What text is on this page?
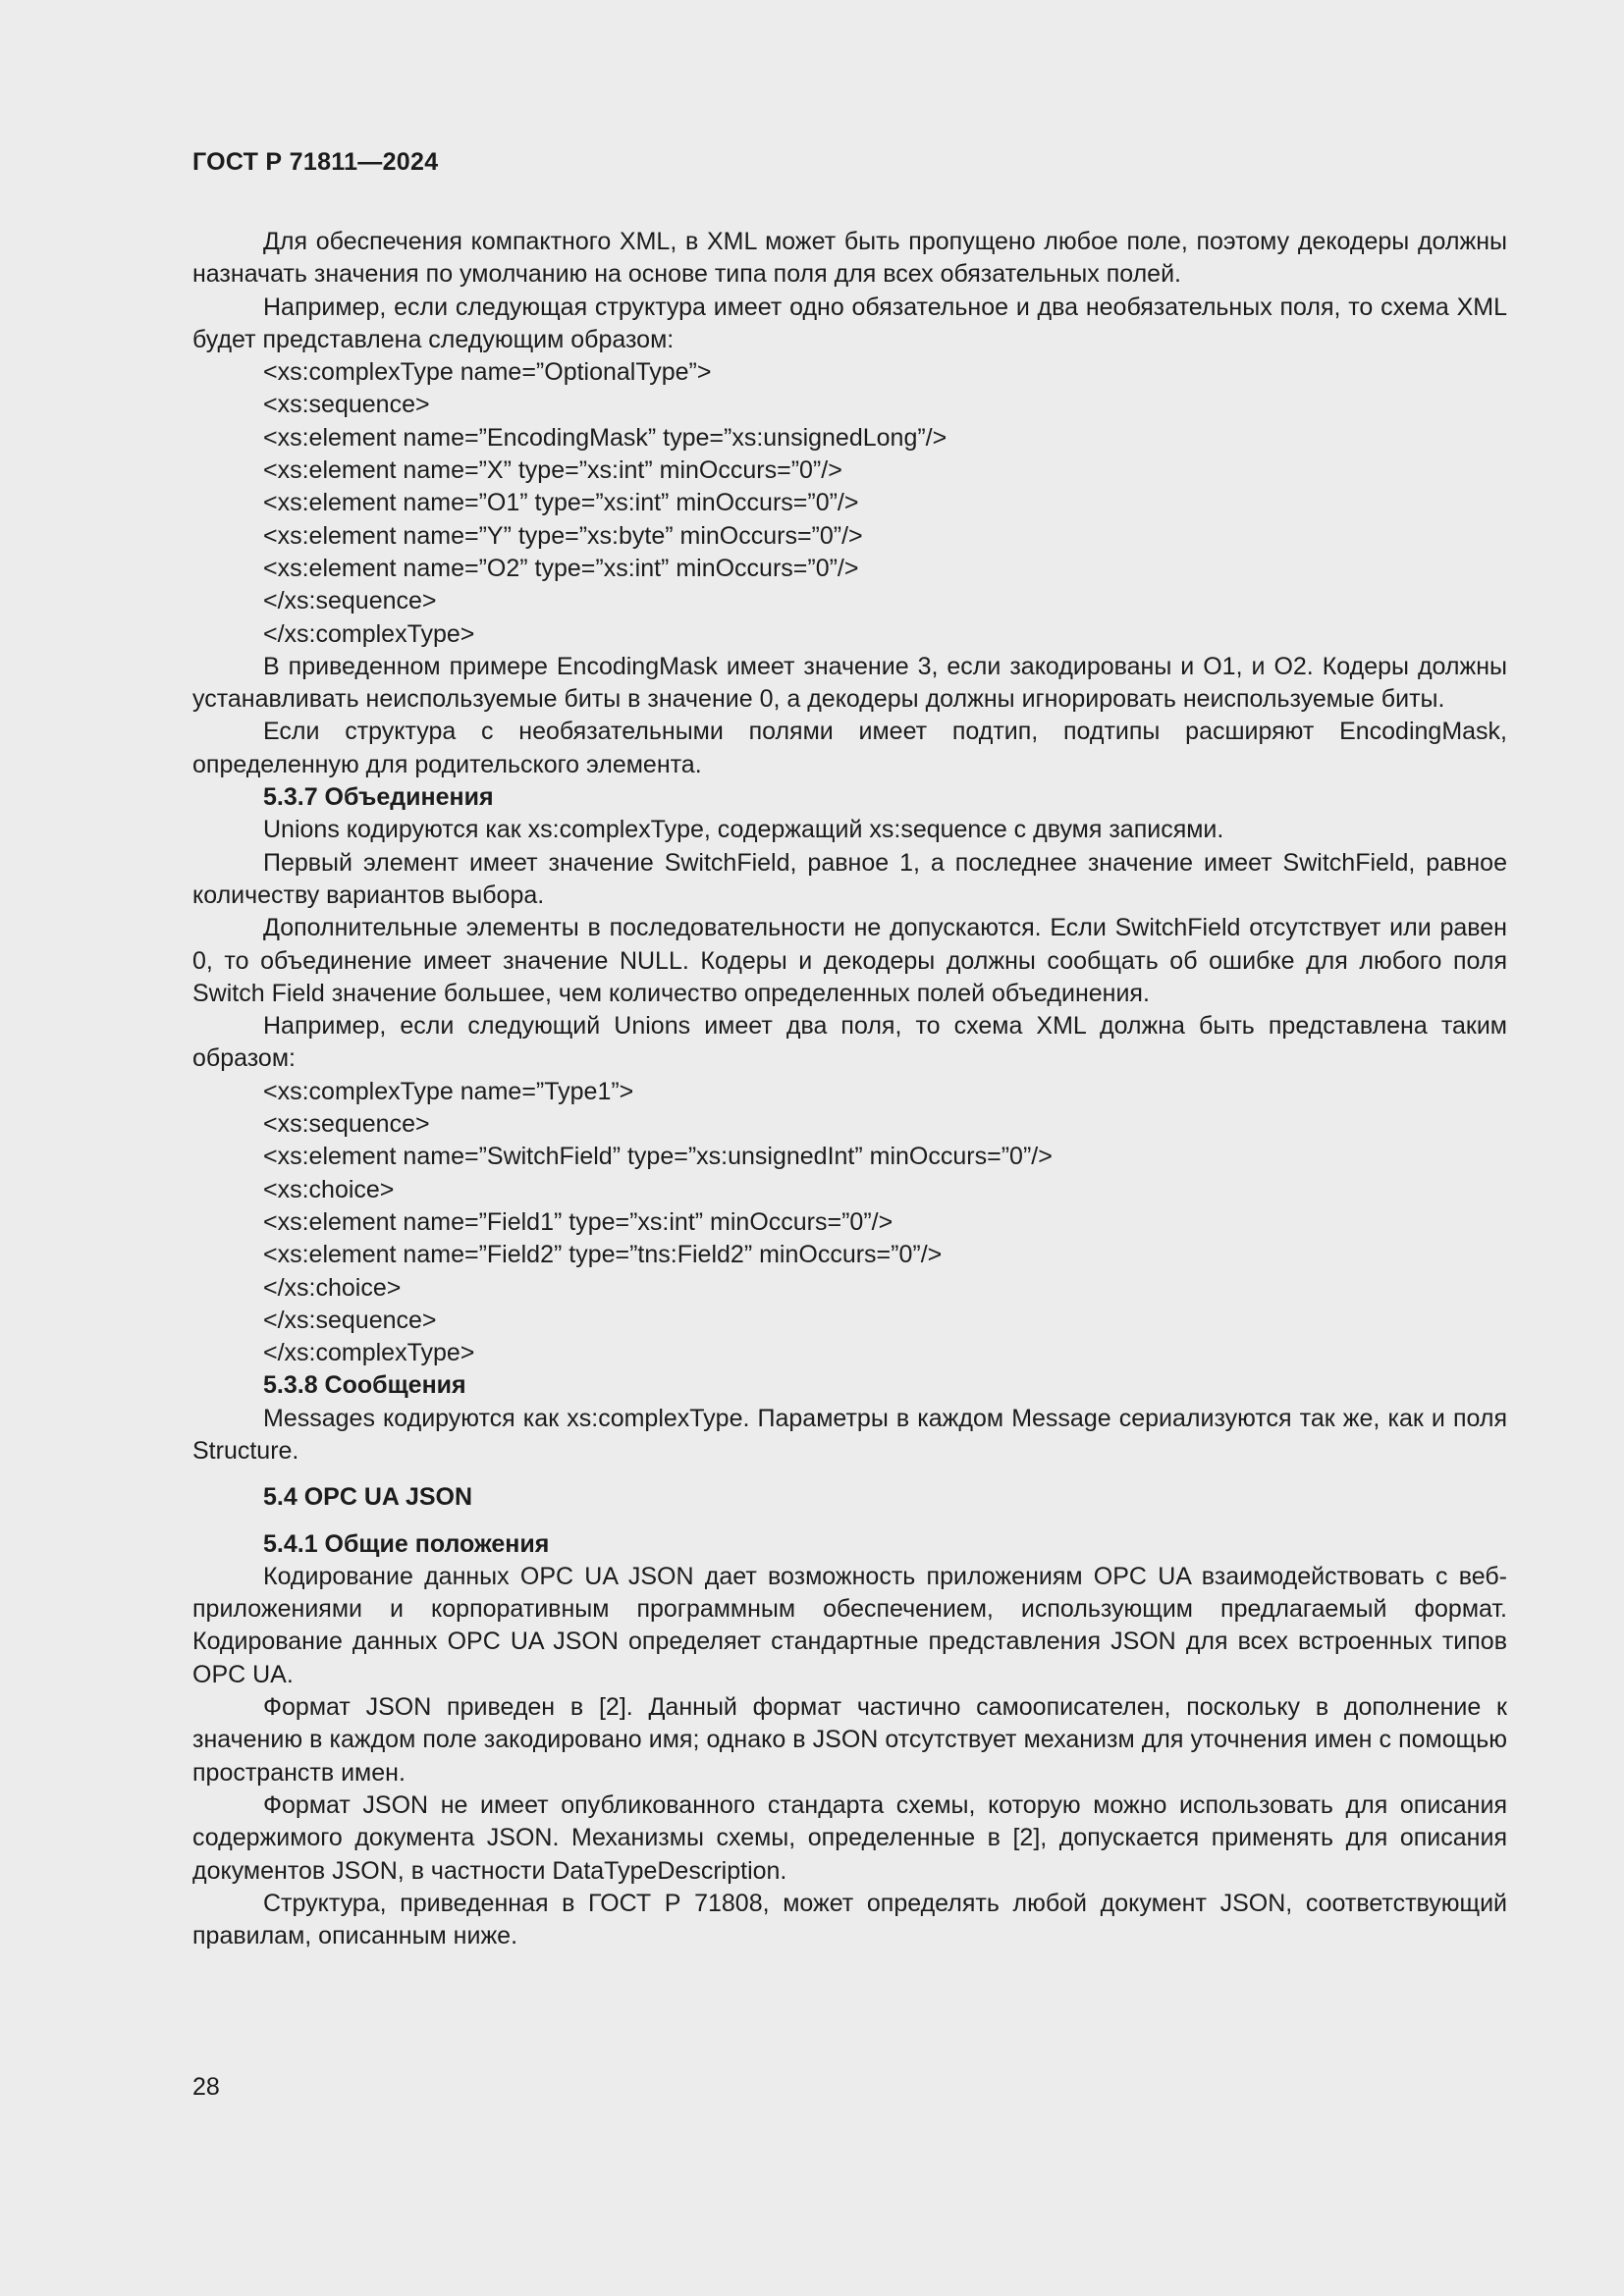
ГОСТ Р 71811—2024
Для обеспечения компактного XML, в XML может быть пропущено любое поле, поэтому декодеры должны назначать значения по умолчанию на основе типа поля для всех обязательных полей.
Например, если следующая структура имеет одно обязательное и два необязательных поля, то схема XML будет представлена следующим образом:
<xs:complexType name=”OptionalType”>
<xs:sequence>
<xs:element name=”EncodingMask” type=”xs:unsignedLong”/>
<xs:element name=”X” type=”xs:int” minOccurs=”0”/>
<xs:element name=”O1” type=”xs:int” minOccurs=”0”/>
<xs:element name=”Y” type=”xs:byte” minOccurs=”0”/>
<xs:element name=”O2” type=”xs:int” minOccurs=”0”/>
</xs:sequence>
</xs:complexType>
В приведенном примере EncodingMask имеет значение 3, если закодированы и O1, и O2. Кодеры должны устанавливать неиспользуемые биты в значение 0, а декодеры должны игнорировать неиспользуемые биты.
Если структура с необязательными полями имеет подтип, подтипы расширяют EncodingMask, определенную для родительского элемента.
5.3.7 Объединения
Unions кодируются как xs:complexType, содержащий xs:sequence с двумя записями.
Первый элемент имеет значение SwitchField, равное 1, а последнее значение имеет SwitchField, равное количеству вариантов выбора.
Дополнительные элементы в последовательности не допускаются. Если SwitchField отсутствует или равен 0, то объединение имеет значение NULL. Кодеры и декодеры должны сообщать об ошибке для любого поля Switch Field значение большее, чем количество определенных полей объединения.
Например, если следующий Unions имеет два поля, то схема XML должна быть представлена таким образом:
<xs:complexType name=”Type1”>
<xs:sequence>
<xs:element name=”SwitchField” type=”xs:unsignedInt” minOccurs=”0”/>
<xs:choice>
<xs:element name=”Field1” type=”xs:int” minOccurs=”0”/>
<xs:element name=”Field2” type=”tns:Field2” minOccurs=”0”/>
</xs:choice>
</xs:sequence>
</xs:complexType>
5.3.8 Сообщения
Messages кодируются как xs:complexType. Параметры в каждом Message сериализуются так же, как и поля Structure.
5.4 OPC UA JSON
5.4.1 Общие положения
Кодирование данных OPC UA JSON дает возможность приложениям OPC UA взаимодействовать с веб-приложениями и корпоративным программным обеспечением, использующим предлагаемый формат. Кодирование данных OPC UA JSON определяет стандартные представления JSON для всех встроенных типов OPC UA.
Формат JSON приведен в [2]. Данный формат частично самоописателен, поскольку в дополнение к значению в каждом поле закодировано имя; однако в JSON отсутствует механизм для уточнения имен с помощью пространств имен.
Формат JSON не имеет опубликованного стандарта схемы, которую можно использовать для описания содержимого документа JSON. Механизмы схемы, определенные в [2], допускается применять для описания документов JSON, в частности DataTypeDescription.
Структура, приведенная в ГОСТ Р 71808, может определять любой документ JSON, соответствующий правилам, описанным ниже.
28
